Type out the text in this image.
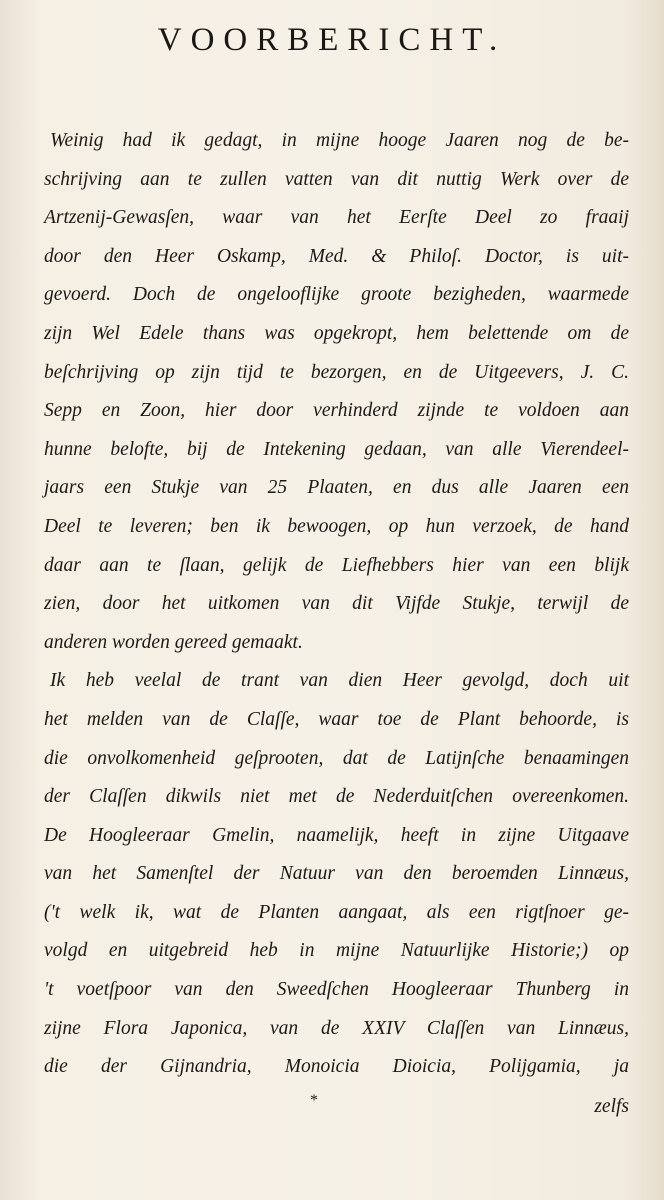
VOORBERICHT.
Weinig had ik gedagt, in mijne hooge Jaaren nog de be-
schrijving aan te zullen vatten van dit nuttig Werk over de
Artzenij-Gewasſen, waar van het Eerſte Deel zo fraaij
door den Heer Oskamp, Med. & Philoſ. Doctor, is uit-
gevoerd. Doch de ongelooflijke groote bezigheden, waarmede
zijn Wel Edele thans was opgekropt, hem belettende om de
beſchrijving op zijn tijd te bezorgen, en de Uitgeevers, J. C.
Sepp en Zoon, hier door verhinderd zijnde te voldoen aan
hunne belofte, bij de Intekening gedaan, van alle Vierendeel-
jaars een Stukje van 25 Plaaten, en dus alle Jaaren een
Deel te leveren; ben ik bewoogen, op hun verzoek, de hand
daar aan te ſlaan, gelijk de Liefhebbers hier van een blijk
zien, door het uitkomen van dit Vijfde Stukje, terwijl de
anderen worden gereed gemaakt.
Ik heb veelal de trant van dien Heer gevolgd, doch uit
het melden van de Claſſe, waar toe de Plant behoorde, is
die onvolkomenheid geſprooten, dat de Latijnſche benaamingen
der Claſſen dikwils niet met de Nederduitſchen overeenkomen.
De Hoogleeraar Gmelin, naamelijk, heeft in zijne Uitgaave
van het Samenſtel der Natuur van den beroemden Linnæus,
('t welk ik, wat de Planten aangaat, als een rigtſnoer ge-
volgd en uitgebreid heb in mijne Natuurlijke Historie;) op
't voetſpoor van den Sweedſchen Hoogleeraar Thunberg in
zijne Flora Japonica, van de XXIV Claſſen van Linnæus,
die der Gijnandria, Monoicia Dioicia, Polijgamia, ja
*	zelfs
